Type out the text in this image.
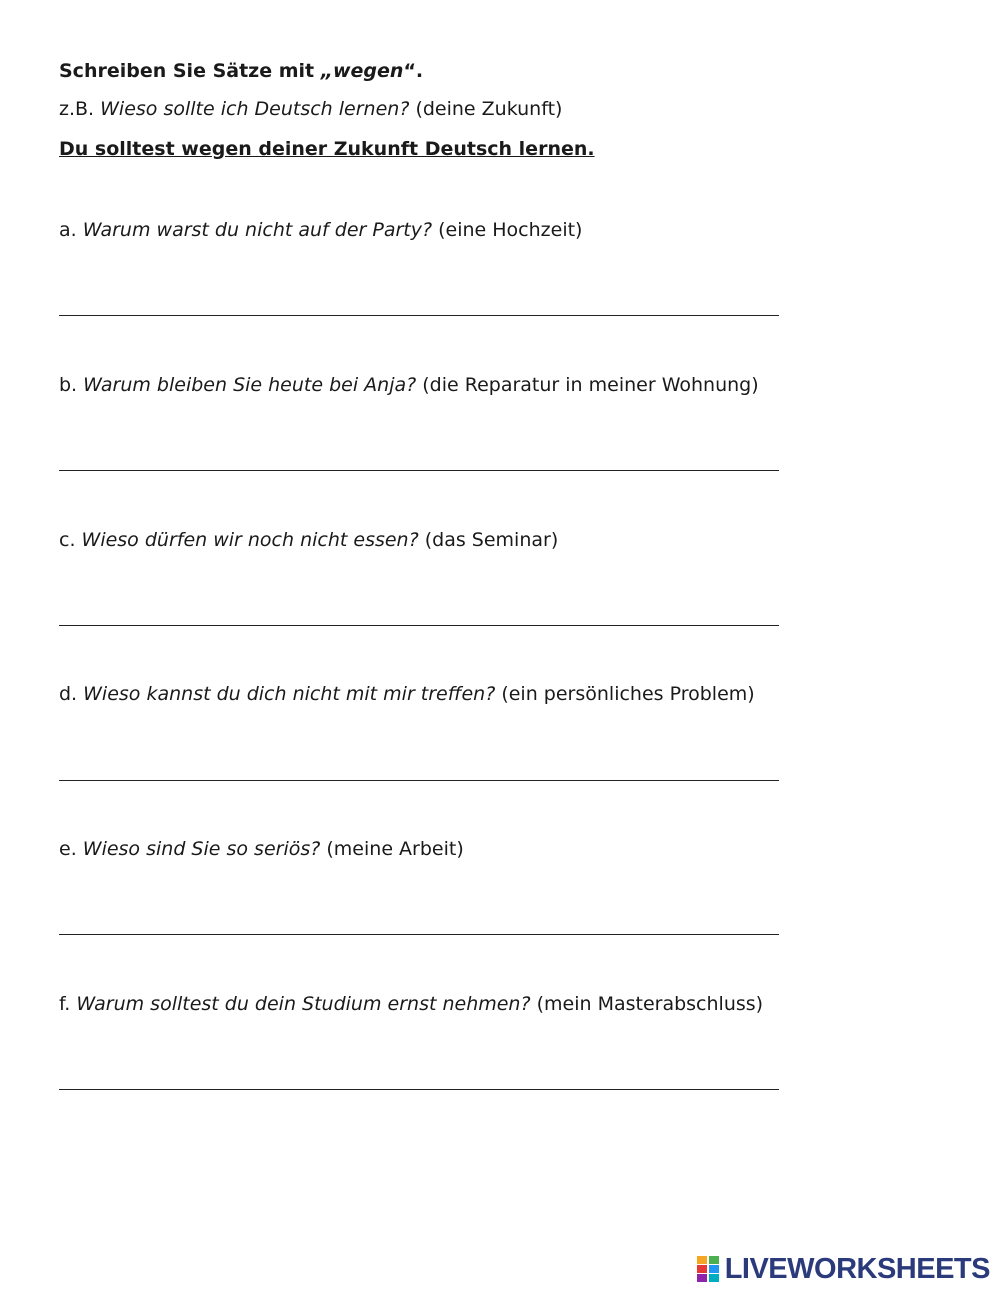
Schreiben Sie Sätze mit „wegen“.
z.B. Wieso sollte ich Deutsch lernen? (deine Zukunft)
Du solltest wegen deiner Zukunft Deutsch lernen.
a. Warum warst du nicht auf der Party? (eine Hochzeit)
b. Warum bleiben Sie heute bei Anja? (die Reparatur in meiner Wohnung)
c. Wieso dürfen wir noch nicht essen? (das Seminar)
d. Wieso kannst du dich nicht mit mir treffen? (ein persönliches Problem)
e. Wieso sind Sie so seriös? (meine Arbeit)
f. Warum solltest du dein Studium ernst nehmen? (mein Masterabschluss)
LIVEWORKSHEETS
